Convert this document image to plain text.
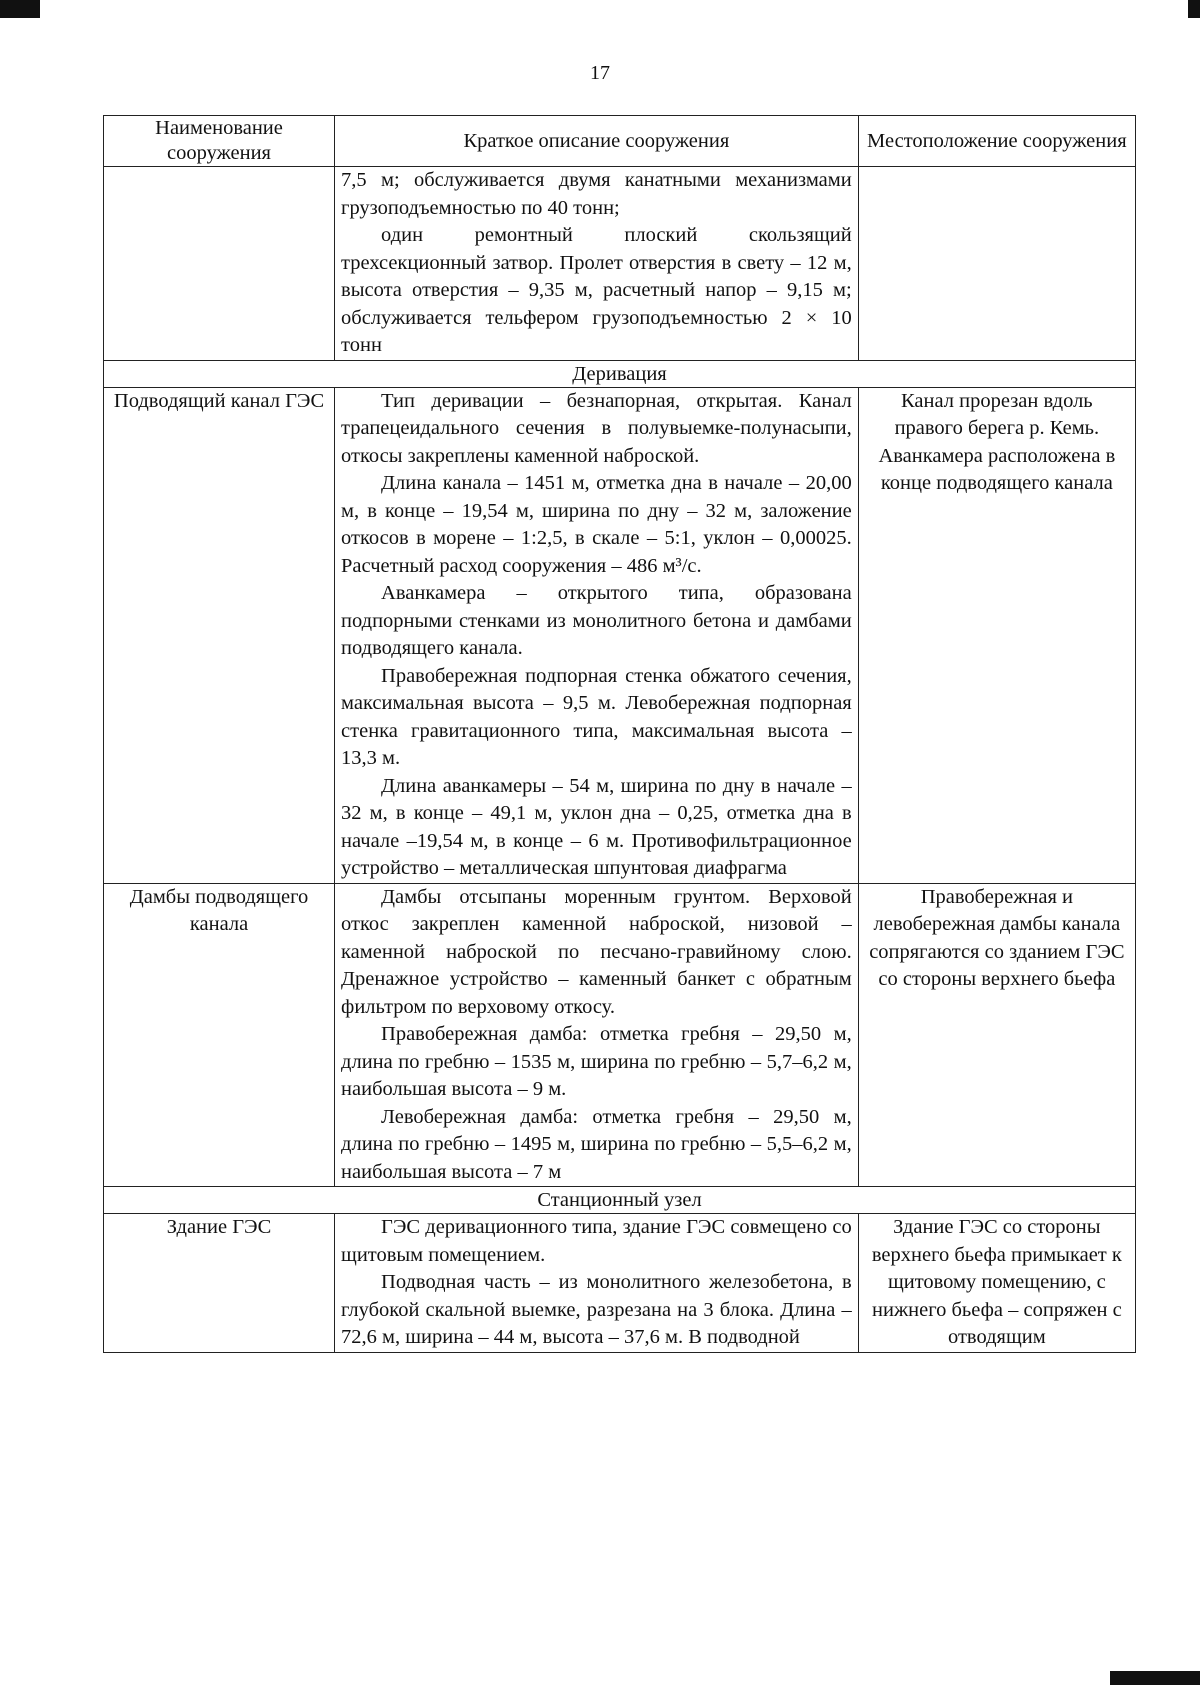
17
Наименование сооружения	Краткое описание сооружения	Местоположение сооружения

	7,5 м; обслуживается двумя канатными механизмами грузоподъемностью по 40 тонн;

один ремонтный плоский скользящий трехсекционный затвор. Пролет отверстия в свету – 12 м, высота отверстия – 9,35 м, расчетный напор – 9,15 м; обслуживается тельфером грузоподъемностью 2 × 10 тонн	

Деривация		
Подводящий канал ГЭС	Тип деривации – безнапорная, открытая. Канал трапецеидального сечения в полувыемке-полунасыпи, откосы закреплены каменной наброской.

Длина канала – 1451 м, отметка дна в начале – 20,00 м, в конце – 19,54 м, ширина по дну – 32 м, заложение откосов в морене – 1:2,5, в скале – 5:1, уклон – 0,00025. Расчетный расход сооружения – 486 м³/с.

Аванкамера – открытого типа, образована подпорными стенками из монолитного бетона и дамбами подводящего канала.

Правобережная подпорная стенка обжатого сечения, максимальная высота – 9,5 м. Левобережная подпорная стенка гравитационного типа, максимальная высота – 13,3 м.

Длина аванкамеры – 54 м, ширина по дну в начале – 32 м, в конце – 49,1 м, уклон дна – 0,25, отметка дна в начале –19,54 м, в конце – 6 м. Противофильтрационное устройство – металлическая шпунтовая диафрагма	Канал прорезан вдоль правого берега р. Кемь. Аванкамера расположена в конце подводящего канала
Дамбы подводящего канала	Дамбы отсыпаны моренным грунтом. Верховой откос закреплен каменной наброской, низовой – каменной наброской по песчано-гравийному слою. Дренажное устройство – каменный банкет с обратным фильтром по верховому откосу.

Правобережная дамба: отметка гребня – 29,50 м, длина по гребню – 1535 м, ширина по гребню – 5,7–6,2 м, наибольшая высота – 9 м.

Левобережная дамба: отметка гребня – 29,50 м, длина по гребню – 1495 м, ширина по гребню – 5,5–6,2 м, наибольшая высота – 7 м	Правобережная и левобережная дамбы канала сопрягаются со зданием ГЭС со стороны верхнего бьефа
Станционный узел		
Здание ГЭС	ГЭС деривационного типа, здание ГЭС совмещено со щитовым помещением.

Подводная часть – из монолитного железобетона, в глубокой скальной выемке, разрезана на 3 блока. Длина – 72,6 м, ширина – 44 м, высота – 37,6 м. В подводной	Здание ГЭС со стороны верхнего бьефа примыкает к щитовому помещению, с нижнего бьефа – сопряжен с отводящим
